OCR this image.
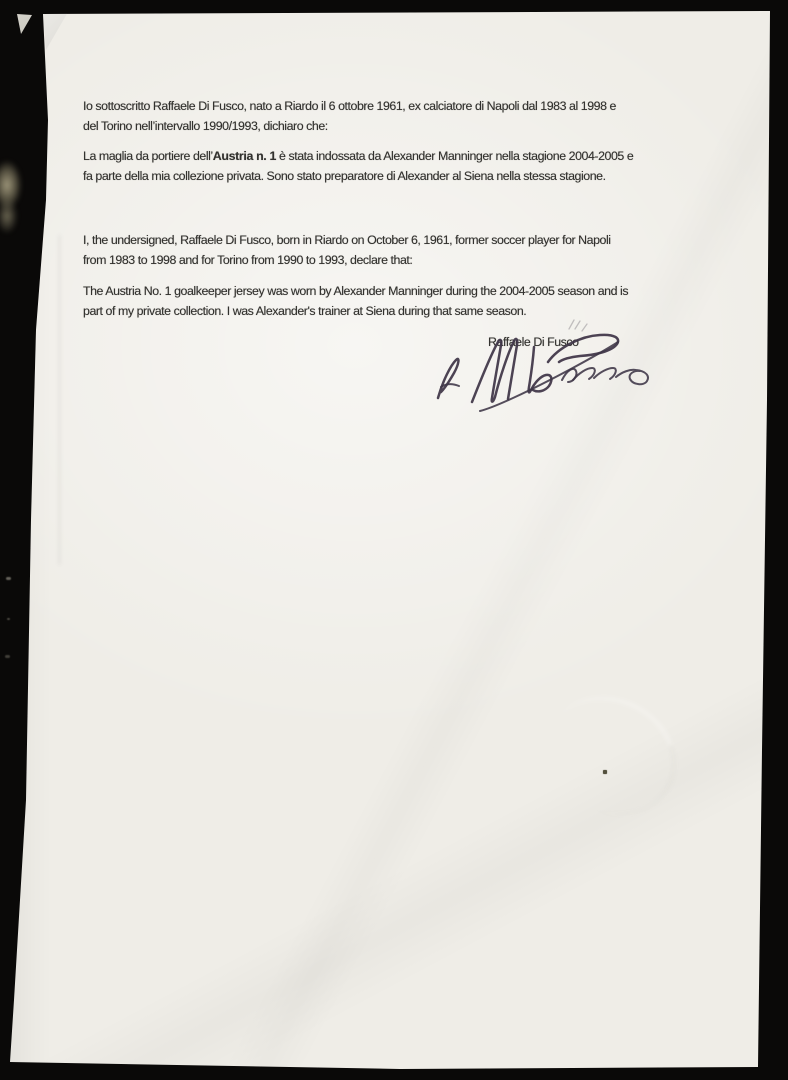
Io sottoscritto Raffaele Di Fusco, nato a Riardo il 6 ottobre 1961, ex calciatore di Napoli dal 1983 al 1998 e
del Torino nell’intervallo 1990/1993, dichiaro che:
La maglia da portiere dell’Austria n. 1 è stata indossata da Alexander Manninger nella stagione 2004-2005 e
fa parte della mia collezione privata. Sono stato preparatore di Alexander al Siena nella stessa stagione.
I, the undersigned, Raffaele Di Fusco, born in Riardo on October 6, 1961, former soccer player for Napoli
from 1983 to 1998 and for Torino from 1990 to 1993, declare that:
The Austria No. 1 goalkeeper jersey was worn by Alexander Manninger during the 2004-2005 season and is
part of my private collection. I was Alexander's trainer at Siena during that same season.
Raffaele Di Fusco
